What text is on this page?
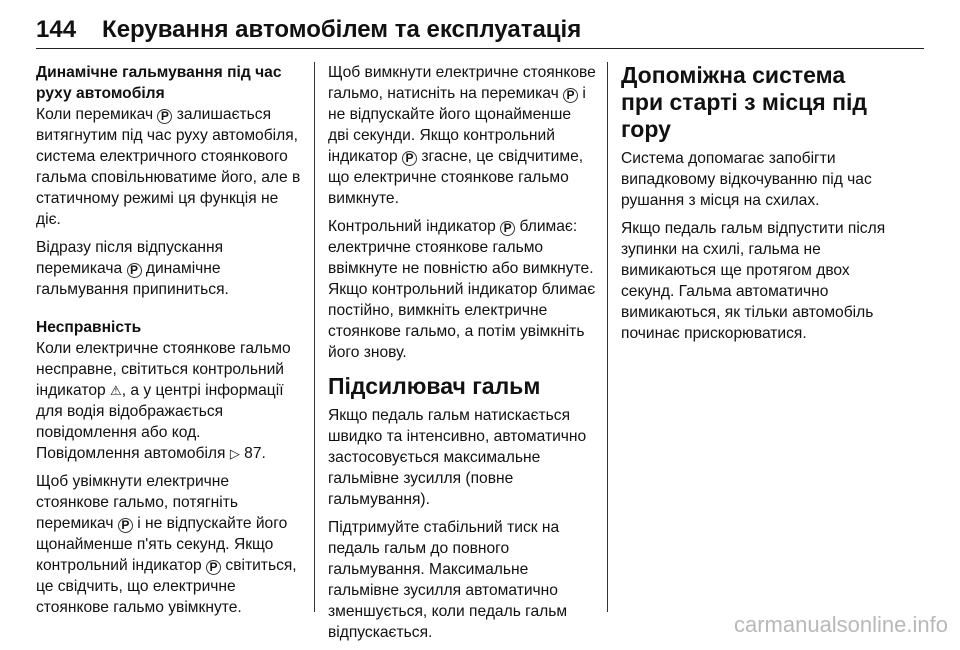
144 Керування автомобілем та експлуатація

Динамічне гальмування під час руху автомобіля

Коли перемикач P залишається витягнутим під час руху автомобіля, система електричного стоянкового гальма сповільнюватиме його, але в статичному режимі ця функція не діє.

Відразу після відпускання перемикача P динамічне гальмування припиниться.

Несправність

Коли електричне стоянкове гальмо несправне, світиться контрольний індикатор ⚠, а у центрі інформації для водія відображається повідомлення або код.

Повідомлення автомобіля ▷ 87.

Щоб увімкнути електричне стоянкове гальмо, потягніть перемикач P і не відпускайте його щонайменше п'ять секунд. Якщо контрольний індикатор P світиться, це свідчить, що електричне стоянкове гальмо увімкнуте.

Щоб вимкнути електричне стоянкове гальмо, натисніть на перемикач P і не відпускайте його щонайменше дві секунди. Якщо контрольний індикатор P згасне, це свідчитиме, що електричне стоянкове гальмо вимкнуте.

Контрольний індикатор P блимає: електричне стоянкове гальмо ввімкнуте не повністю або вимкнуте. Якщо контрольний індикатор блимає постійно, вимкніть електричне стоянкове гальмо, а потім увімкніть його знову.

Підсилювач гальм

Якщо педаль гальм натискається швидко та інтенсивно, автоматично застосовується максимальне гальмівне зусилля (повне гальмування).

Підтримуйте стабільний тиск на педаль гальм до повного гальмування. Максимальне гальмівне зусилля автоматично зменшується, коли педаль гальм відпускається.

Допоміжна система при старті з місця під гору

Система допомагає запобігти випадковому відкочуванню під час рушання з місця на схилах.

Якщо педаль гальм відпустити після зупинки на схилі, гальма не вимикаються ще протягом двох секунд. Гальма автоматично вимикаються, як тільки автомобіль починає прискорюватися.

carmanualsonline.info
